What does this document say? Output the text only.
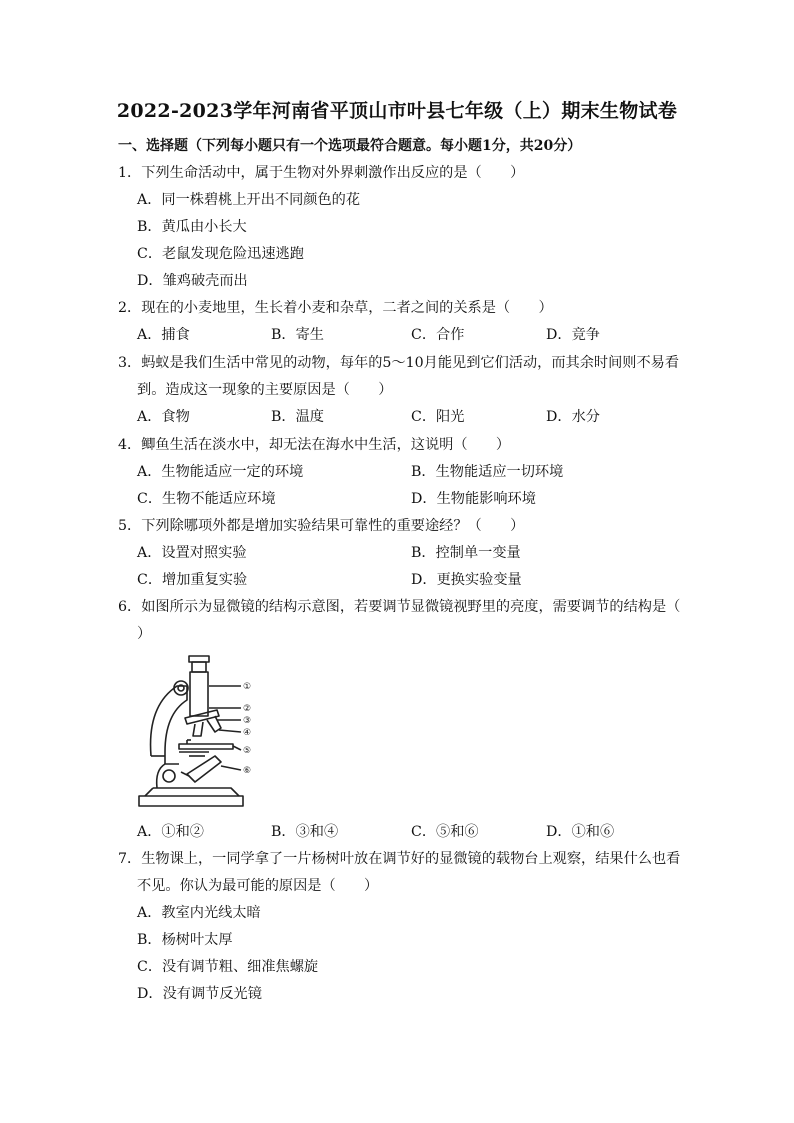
2022-2023学年河南省平顶山市叶县七年级（上）期末生物试卷
一、选择题（下列每小题只有一个选项最符合题意。每小题1分，共20分）
1．下列生命活动中，属于生物对外界刺激作出反应的是（　　）
A．同一株碧桃上开出不同颜色的花
B．黄瓜由小长大
C．老鼠发现危险迅速逃跑
D．雏鸡破壳而出
2．现在的小麦地里，生长着小麦和杂草，二者之间的关系是（　　）
A．捕食	B．寄生	C．合作	D．竞争
3．蚂蚁是我们生活中常见的动物，每年的5～10月能见到它们活动，而其余时间则不易看
到。造成这一现象的主要原因是（　　）
A．食物	B．温度	C．阳光	D．水分
4．鲫鱼生活在淡水中，却无法在海水中生活，这说明（　　）
A．生物能适应一定的环境	B．生物能适应一切环境
C．生物不能适应环境	D．生物能影响环境
5．下列除哪项外都是增加实验结果可靠性的重要途经？（　　）
A．设置对照实验	B．控制单一变量
C．增加重复实验	D．更换实验变量
6．如图所示为显微镜的结构示意图，若要调节显微镜视野里的亮度，需要调节的结构是（
）
①
②
③
④
⑤
⑥
A．①和②	B．③和④	C．⑤和⑥	D．①和⑥
7．生物课上，一同学拿了一片杨树叶放在调节好的显微镜的载物台上观察，结果什么也看
不见。你认为最可能的原因是（　　）
A．教室内光线太暗
B．杨树叶太厚
C．没有调节粗、细准焦螺旋
D．没有调节反光镜
